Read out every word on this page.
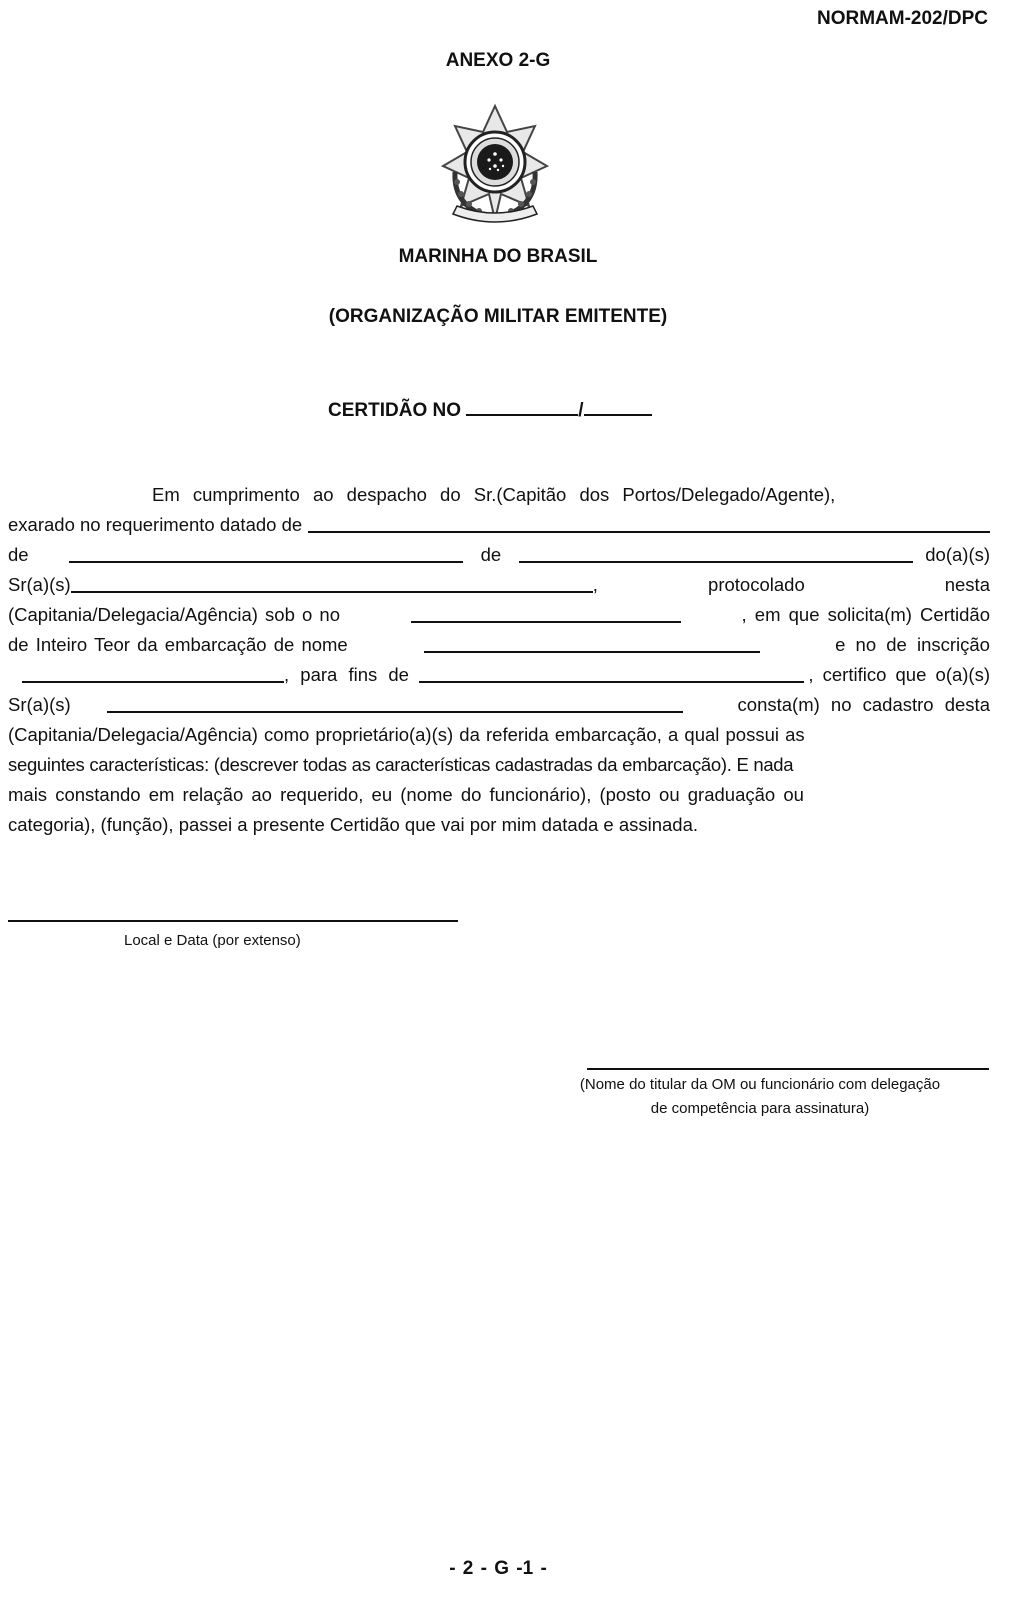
NORMAM-202/DPC
ANEXO 2-G
MARINHA DO BRASIL
(ORGANIZAÇÃO MILITAR EMITENTE)
CERTIDÃO NO	/
Em cumprimento ao despacho do Sr.(Capitão dos Portos/Delegado/Agente),
exarado no requerimento datado de
de	de	do(a)(s)
Sr(a)(s)	,	protocolado	nesta
(Capitania/Delegacia/Agência) sob o no	, em que solicita(m) Certidão
de Inteiro Teor da embarcação de nome	e no de inscrição
, para fins de	, certifico que o(a)(s)
Sr(a)(s)	consta(m) no cadastro desta
(Capitania/Delegacia/Agência) como proprietário(a)(s) da referida embarcação, a qual possui as
seguintes características: (descrever todas as características cadastradas da embarcação). E nada
mais constando em relação ao requerido, eu (nome do funcionário), (posto ou graduação ou
categoria), (função), passei a presente Certidão que vai por mim datada e assinada.
Local e Data (por extenso)
(Nome do titular da OM ou funcionário com delegação
de competência para assinatura)
- 2 - G -1 -
